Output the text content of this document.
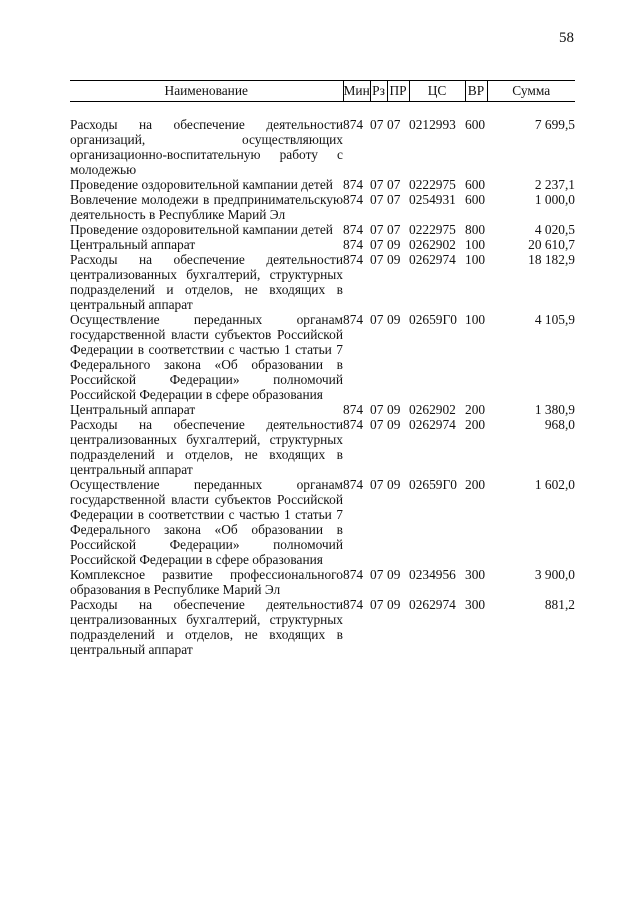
58
Наименование	Мин	Рз	ПР	ЦС	ВР	Сумма
Расходы на обеспечение деятельности организаций, осуществляющих организационно-воспитательную работу с молодежью	874	07	07	0212993	600	7 699,5
Проведение оздоровительной кампании детей	874	07	07	0222975	600	2 237,1
Вовлечение молодежи в предпринимательскую деятельность в Республике Марий Эл	874	07	07	0254931	600	1 000,0
Проведение оздоровительной кампании детей	874	07	07	0222975	800	4 020,5
Центральный аппарат	874	07	09	0262902	100	20 610,7
Расходы на обеспечение деятельности централизованных бухгалтерий, структурных подразделений и отделов, не входящих в центральный аппарат	874	07	09	0262974	100	18 182,9
Осуществление переданных органам государственной власти субъектов Российской Федерации в соответствии с частью 1 статьи 7 Федерального закона «Об образовании в Российской Федерации» полномочий Российской Федерации в сфере образования	874	07	09	02659Г0	100	4 105,9
Центральный аппарат	874	07	09	0262902	200	1 380,9
Расходы на обеспечение деятельности централизованных бухгалтерий, структурных подразделений и отделов, не входящих в центральный аппарат	874	07	09	0262974	200	968,0
Осуществление переданных органам государственной власти субъектов Российской Федерации в соответствии с частью 1 статьи 7 Федерального закона «Об образовании в Российской Федерации» полномочий Российской Федерации в сфере образования	874	07	09	02659Г0	200	1 602,0
Комплексное развитие профессионального образования в Республике Марий Эл	874	07	09	0234956	300	3 900,0
Расходы на обеспечение деятельности централизованных бухгалтерий, структурных подразделений и отделов, не входящих в центральный аппарат	874	07	09	0262974	300	881,2
